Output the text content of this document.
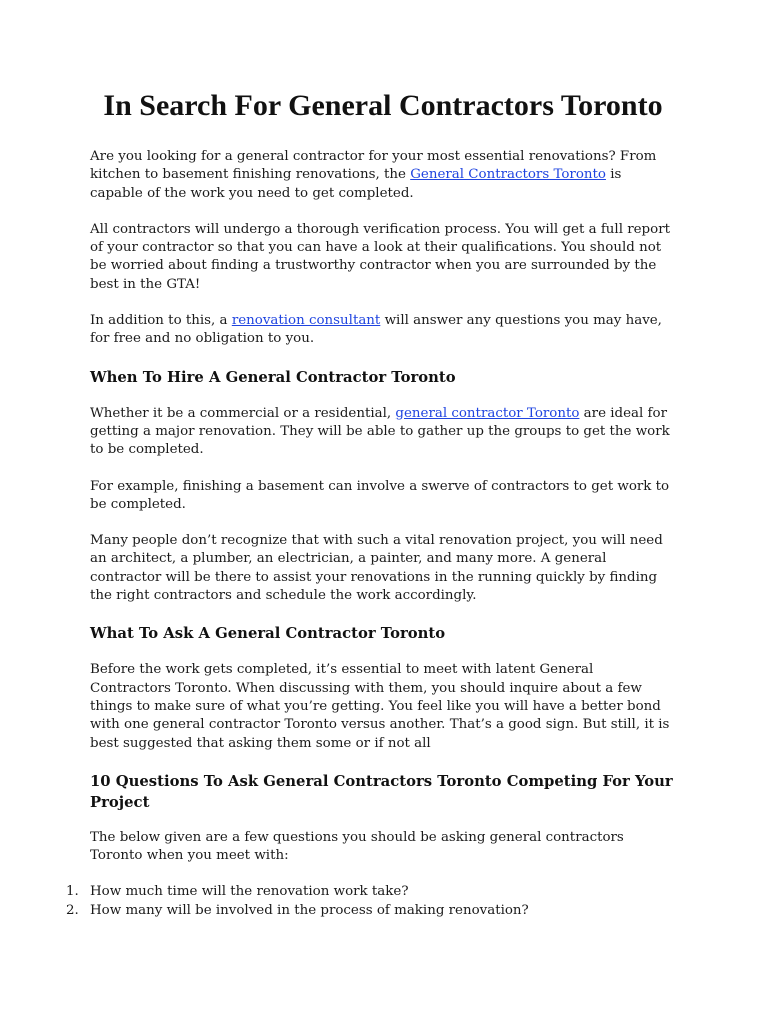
In Search For General Contractors Toronto

Are you looking for a general contractor for your most essential renovations? From kitchen to basement finishing renovations, the General Contractors Toronto is capable of the work you need to get completed.

All contractors will undergo a thorough verification process. You will get a full report of your contractor so that you can have a look at their qualifications. You should not be worried about finding a trustworthy contractor when you are surrounded by the best in the GTA!

In addition to this, a renovation consultant will answer any questions you may have, for free and no obligation to you.

When To Hire A General Contractor Toronto

Whether it be a commercial or a residential, general contractor Toronto are ideal for getting a major renovation. They will be able to gather up the groups to get the work to be completed.

For example, finishing a basement can involve a swerve of contractors to get work to be completed.

Many people don’t recognize that with such a vital renovation project, you will need an architect, a plumber, an electrician, a painter, and many more. A general contractor will be there to assist your renovations in the running quickly by finding the right contractors and schedule the work accordingly.

What To Ask A General Contractor Toronto

Before the work gets completed, it’s essential to meet with latent General Contractors Toronto. When discussing with them, you should inquire about a few things to make sure of what you’re getting. You feel like you will have a better bond with one general contractor Toronto versus another. That’s a good sign. But still, it is best suggested that asking them some or if not all

10 Questions To Ask General Contractors Toronto Competing For Your Project

The below given are a few questions you should be asking general contractors Toronto when you meet with:

1. How much time will the renovation work take?
2. How many will be involved in the process of making renovation?
